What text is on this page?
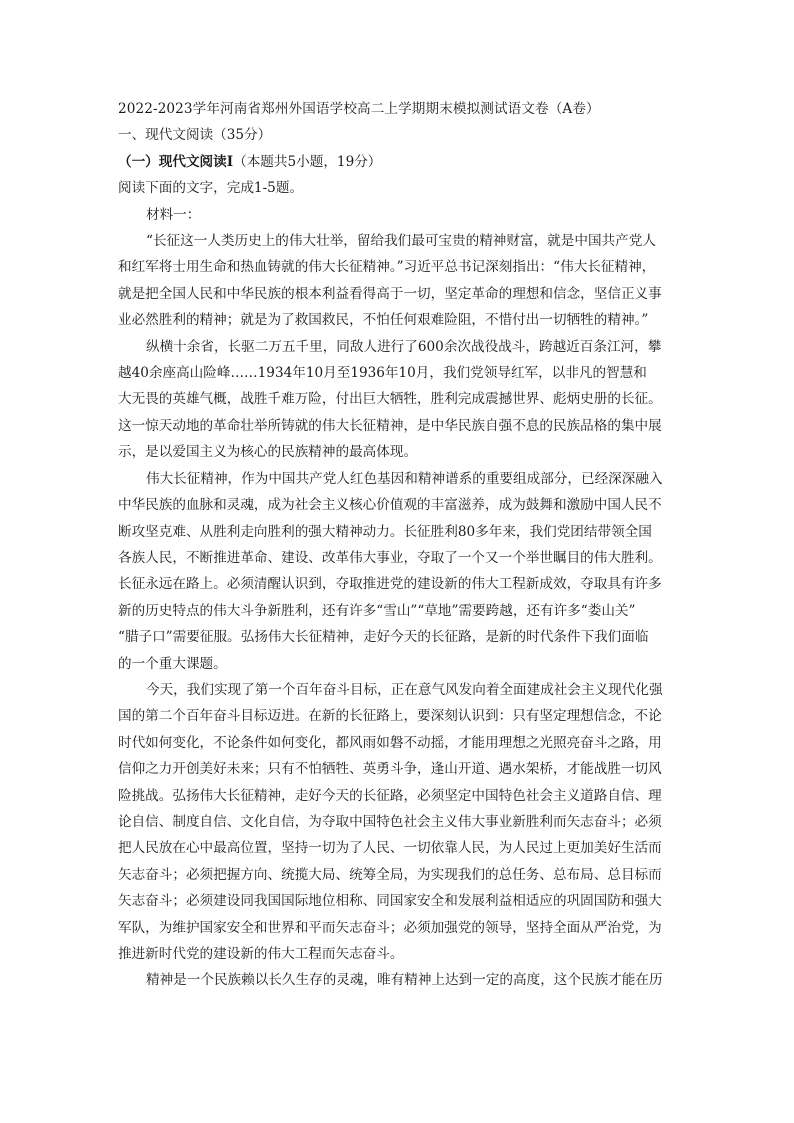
2022-2023学年河南省郑州外国语学校高二上学期期末模拟测试语文卷（A卷）
一、现代文阅读（35分）
（一）现代文阅读Ⅰ（本题共5小题，19分）
阅读下面的文字，完成1-5题。
材料一：
“长征这一人类历史上的伟大壮举，留给我们最可宝贵的精神财富，就是中国共产党人
和红军将士用生命和热血铸就的伟大长征精神。”习近平总书记深刻指出：“伟大长征精神，
就是把全国人民和中华民族的根本利益看得高于一切，坚定革命的理想和信念，坚信正义事
业必然胜利的精神；就是为了救国救民，不怕任何艰难险阻，不惜付出一切牺牲的精神。”
纵横十余省，长驱二万五千里，同敌人进行了600余次战役战斗，跨越近百条江河，攀
越40余座高山险峰……1934年10月至1936年10月，我们党领导红军，以非凡的智慧和
大无畏的英雄气概，战胜千难万险，付出巨大牺牲，胜利完成震撼世界、彪炳史册的长征。
这一惊天动地的革命壮举所铸就的伟大长征精神，是中华民族自强不息的民族品格的集中展
示，是以爱国主义为核心的民族精神的最高体现。
伟大长征精神，作为中国共产党人红色基因和精神谱系的重要组成部分，已经深深融入
中华民族的血脉和灵魂，成为社会主义核心价值观的丰富滋养，成为鼓舞和激励中国人民不
断攻坚克难、从胜利走向胜利的强大精神动力。长征胜利80多年来，我们党团结带领全国
各族人民，不断推进革命、建设、改革伟大事业，夺取了一个又一个举世瞩目的伟大胜利。
长征永远在路上。必须清醒认识到，夺取推进党的建设新的伟大工程新成效，夺取具有许多
新的历史特点的伟大斗争新胜利，还有许多“雪山”“草地”需要跨越，还有许多“娄山关”
“腊子口”需要征服。弘扬伟大长征精神，走好今天的长征路，是新的时代条件下我们面临
的一个重大课题。
今天，我们实现了第一个百年奋斗目标，正在意气风发向着全面建成社会主义现代化强
国的第二个百年奋斗目标迈进。在新的长征路上，要深刻认识到：只有坚定理想信念，不论
时代如何变化，不论条件如何变化，都风雨如磐不动摇，才能用理想之光照亮奋斗之路，用
信仰之力开创美好未来；只有不怕牺牲、英勇斗争，逢山开道、遇水架桥，才能战胜一切风
险挑战。弘扬伟大长征精神，走好今天的长征路，必须坚定中国特色社会主义道路自信、理
论自信、制度自信、文化自信，为夺取中国特色社会主义伟大事业新胜利而矢志奋斗；必须
把人民放在心中最高位置，坚持一切为了人民、一切依靠人民，为人民过上更加美好生活而
矢志奋斗；必须把握方向、统揽大局、统筹全局，为实现我们的总任务、总布局、总目标而
矢志奋斗；必须建设同我国国际地位相称、同国家安全和发展利益相适应的巩固国防和强大
军队，为维护国家安全和世界和平而矢志奋斗；必须加强党的领导，坚持全面从严治党，为
推进新时代党的建设新的伟大工程而矢志奋斗。
精神是一个民族赖以长久生存的灵魂，唯有精神上达到一定的高度，这个民族才能在历
